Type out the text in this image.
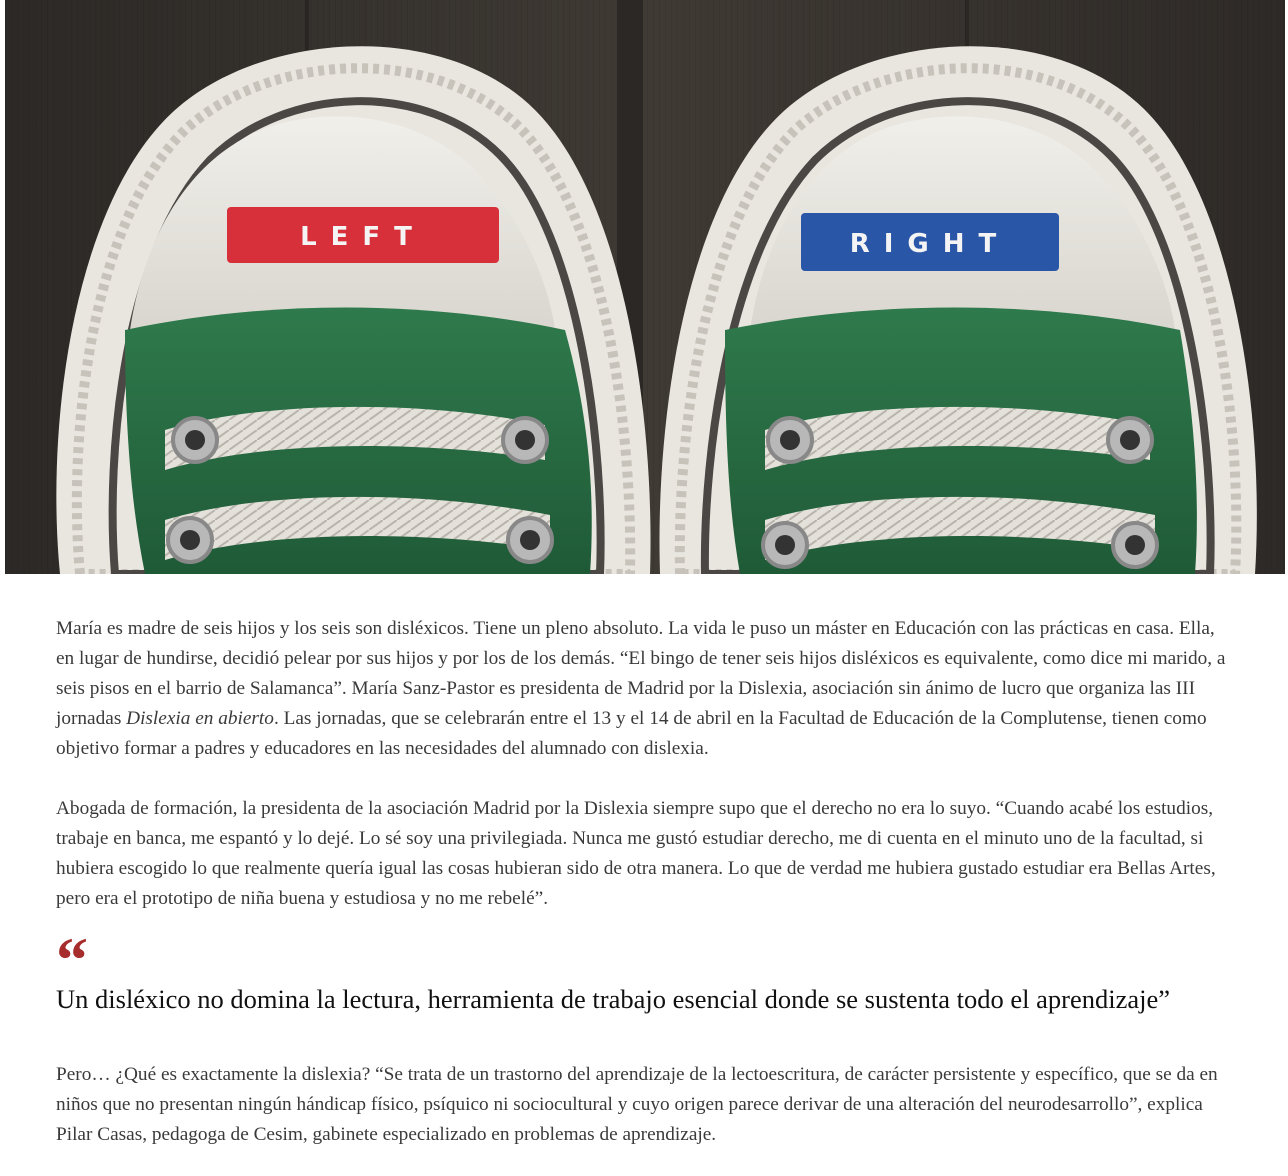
LEFT	RIGHT

María es madre de seis hijos y los seis son disléxicos. Tiene un pleno absoluto. La vida le puso un máster en Educación con las prácticas en casa. Ella, en lugar de hundirse, decidió pelear por sus hijos y por los de los demás. “El bingo de tener seis hijos disléxicos es equivalente, como dice mi marido, a seis pisos en el barrio de Salamanca”. María Sanz-Pastor es presidenta de Madrid por la Dislexia, asociación sin ánimo de lucro que organiza las III jornadas Dislexia en abierto. Las jornadas, que se celebrarán entre el 13 y el 14 de abril en la Facultad de Educación de la Complutense, tienen como objetivo formar a padres y educadores en las necesidades del alumnado con dislexia.

Abogada de formación, la presidenta de la asociación Madrid por la Dislexia siempre supo que el derecho no era lo suyo. “Cuando acabé los estudios, trabaje en banca, me espantó y lo dejé. Lo sé soy una privilegiada. Nunca me gustó estudiar derecho, me di cuenta en el minuto uno de la facultad, si hubiera escogido lo que realmente quería igual las cosas hubieran sido de otra manera. Lo que de verdad me hubiera gustado estudiar era Bellas Artes, pero era el prototipo de niña buena y estudiosa y no me rebelé”.

“

Un disléxico no domina la lectura, herramienta de trabajo esencial donde se sustenta todo el aprendizaje”

Pero… ¿Qué es exactamente la dislexia? “Se trata de un trastorno del aprendizaje de la lectoescritura, de carácter persistente y específico, que se da en niños que no presentan ningún hándicap físico, psíquico ni sociocultural y cuyo origen parece derivar de una alteración del neurodesarrollo”, explica Pilar Casas, pedagoga de Cesim, gabinete especializado en problemas de aprendizaje.
